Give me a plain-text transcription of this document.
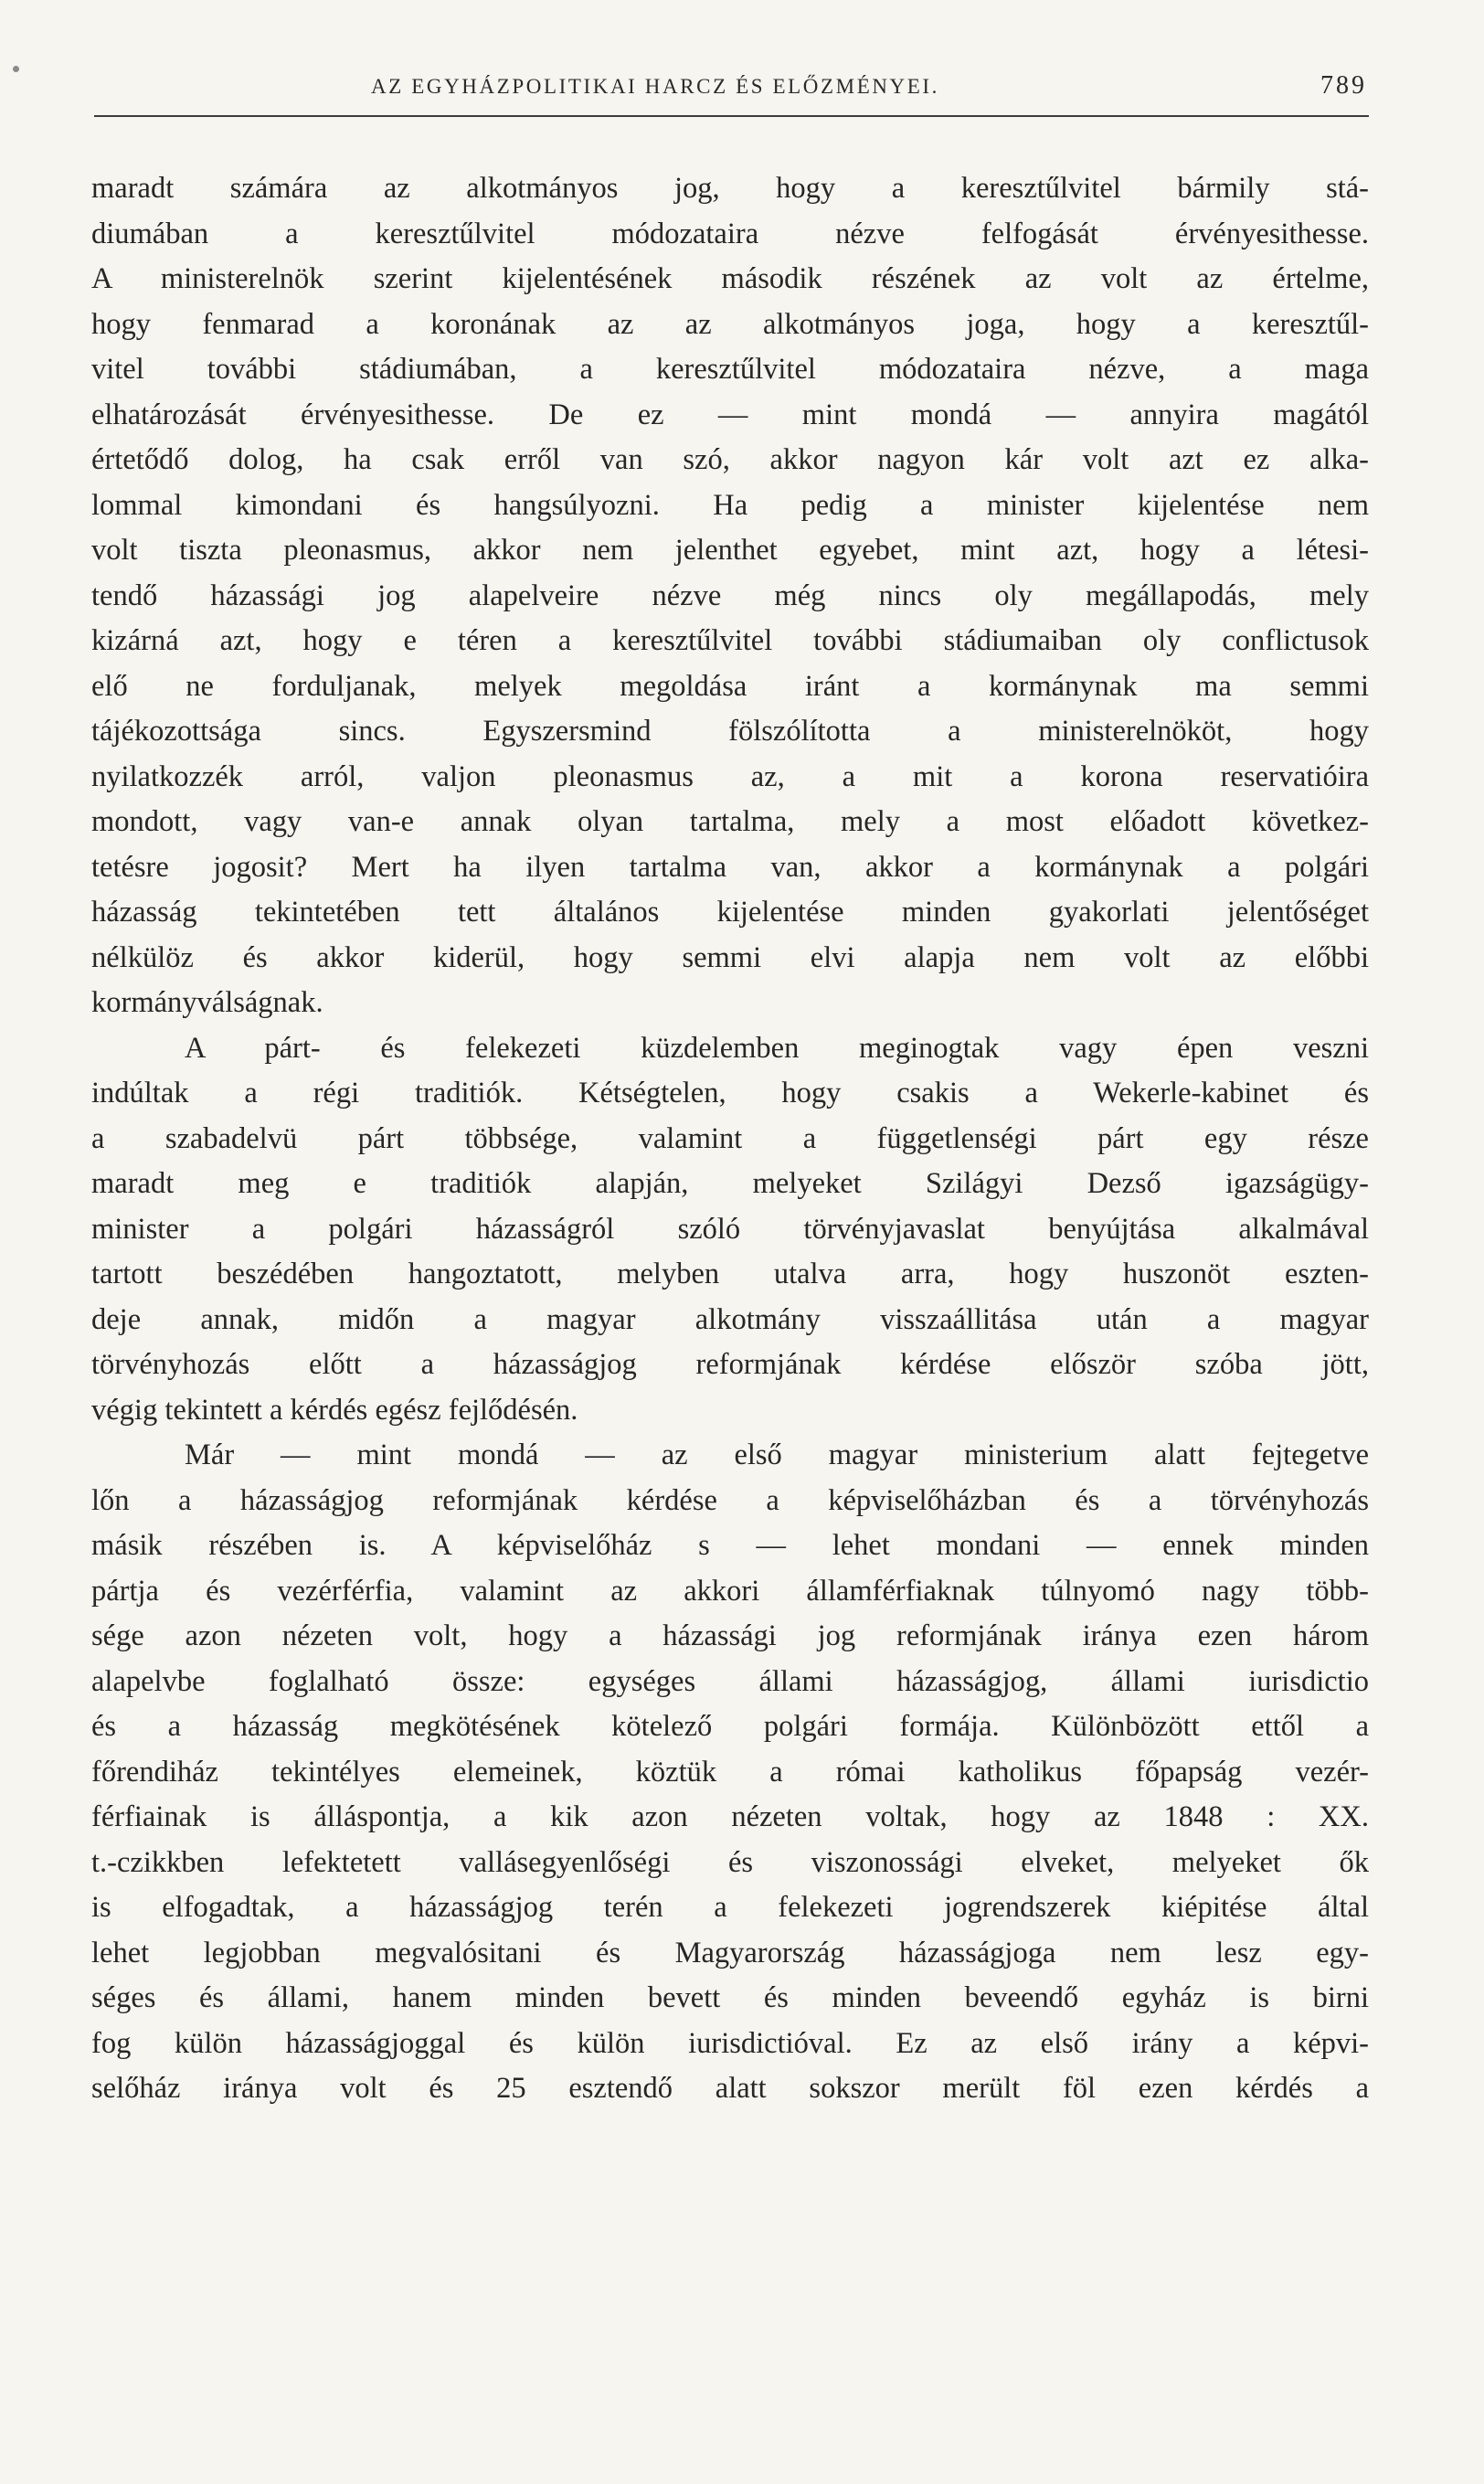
AZ EGYHÁZPOLITIKAI HARCZ ÉS ELŐZMÉNYEI.	789
maradt számára az alkotmányos jog, hogy a keresztűlvitel bármily stá-
diumában a keresztűlvitel módozataira nézve felfogását érvényesithesse.
A ministerelnök szerint kijelentésének második részének az volt az értelme,
hogy fenmarad a koronának az az alkotmányos joga, hogy a keresztűl-
vitel további stádiumában, a keresztűlvitel módozataira nézve, a maga
elhatározását érvényesithesse. De ez — mint mondá — annyira magától
értetődő dolog, ha csak erről van szó, akkor nagyon kár volt azt ez alka-
lommal kimondani és hangsúlyozni. Ha pedig a minister kijelentése nem
volt tiszta pleonasmus, akkor nem jelenthet egyebet, mint azt, hogy a létesi-
tendő házassági jog alapelveire nézve még nincs oly megállapodás, mely
kizárná azt, hogy e téren a keresztűlvitel további stádiumaiban oly conflictusok
elő ne forduljanak, melyek megoldása iránt a kormánynak ma semmi
tájékozottsága sincs. Egyszersmind fölszólította a ministerelnököt, hogy
nyilatkozzék arról, valjon pleonasmus az, a mit a korona reservatióira
mondott, vagy van-e annak olyan tartalma, mely a most előadott következ-
tetésre jogosit? Mert ha ilyen tartalma van, akkor a kormánynak a polgári
házasság tekintetében tett általános kijelentése minden gyakorlati jelentőséget
nélkülöz és akkor kiderül, hogy semmi elvi alapja nem volt az előbbi
kormányválságnak.
A párt- és felekezeti küzdelemben meginogtak vagy épen veszni
indúltak a régi traditiók. Kétségtelen, hogy csakis a Wekerle-kabinet és
a szabadelvü párt többsége, valamint a függetlenségi párt egy része
maradt meg e traditiók alapján, melyeket Szilágyi Dezső igazságügy-
minister a polgári házasságról szóló törvényjavaslat benyújtása alkalmával
tartott beszédében hangoztatott, melyben utalva arra, hogy huszonöt eszten-
deje annak, midőn a magyar alkotmány visszaállitása után a magyar
törvényhozás előtt a házasságjog reformjának kérdése először szóba jött,
végig tekintett a kérdés egész fejlődésén.
Már — mint mondá — az első magyar ministerium alatt fejtegetve
lőn a házasságjog reformjának kérdése a képviselőházban és a törvényhozás
másik részében is. A képviselőház s — lehet mondani — ennek minden
pártja és vezérférfia, valamint az akkori államférfiaknak túlnyomó nagy több-
sége azon nézeten volt, hogy a házassági jog reformjának iránya ezen három
alapelvbe foglalható össze: egységes állami házasságjog, állami iurisdictio
és a házasság megkötésének kötelező polgári formája. Különbözött ettől a
főrendiház tekintélyes elemeinek, köztük a római katholikus főpapság vezér-
férfiainak is álláspontja, a kik azon nézeten voltak, hogy az 1848 : XX.
t.-czikkben lefektetett vallásegyenlőségi és viszonossági elveket, melyeket ők
is elfogadtak, a házasságjog terén a felekezeti jogrendszerek kiépitése által
lehet legjobban megvalósitani és Magyarország házasságjoga nem lesz egy-
séges és állami, hanem minden bevett és minden beveendő egyház is birni
fog külön házasságjoggal és külön iurisdictióval. Ez az első irány a képvi-
selőház iránya volt és 25 esztendő alatt sokszor merült föl ezen kérdés a
